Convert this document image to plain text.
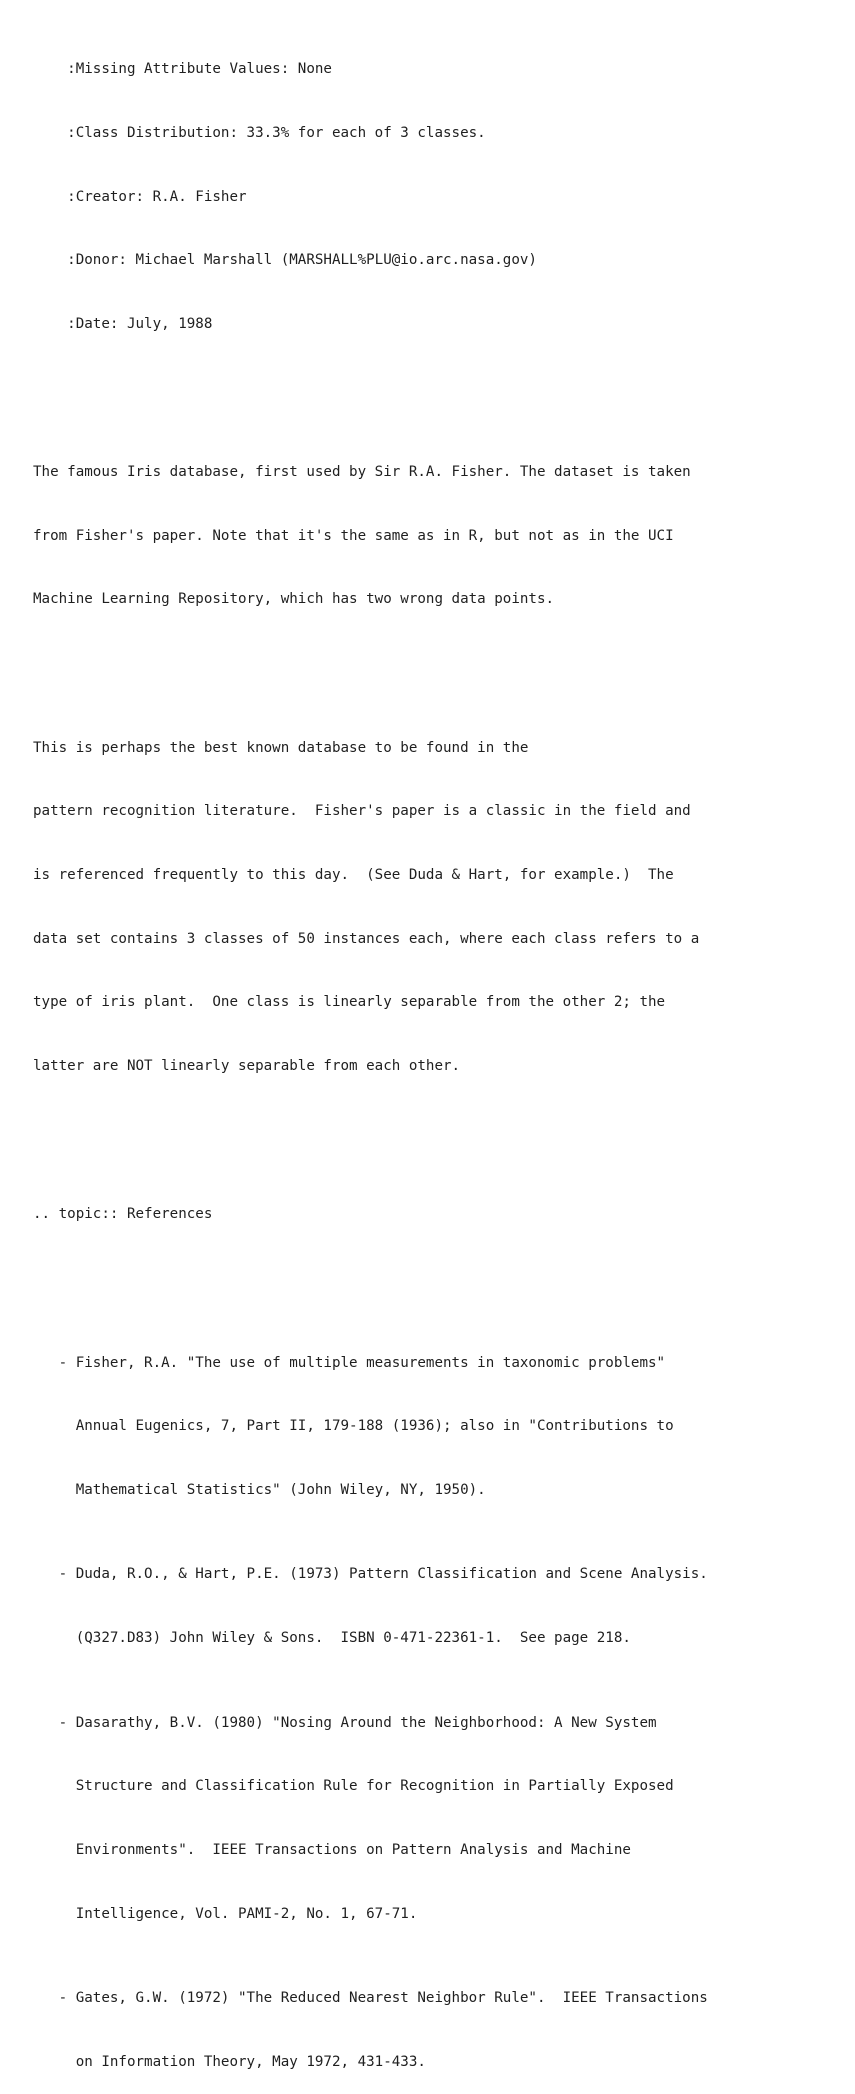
:Missing Attribute Values: None

:Class Distribution: 33.3% for each of 3 classes.

:Creator: R.A. Fisher

:Donor: Michael Marshall (MARSHALL%PLU@io.arc.nasa.gov)

:Date: July, 1988

The famous Iris database, first used by Sir R.A. Fisher. The dataset is taken

from Fisher's paper. Note that it's the same as in R, but not as in the UCI

Machine Learning Repository, which has two wrong data points.

This is perhaps the best known database to be found in the

pattern recognition literature.  Fisher's paper is a classic in the field and

is referenced frequently to this day.  (See Duda & Hart, for example.)  The

data set contains 3 classes of 50 instances each, where each class refers to a

type of iris plant.  One class is linearly separable from the other 2; the

latter are NOT linearly separable from each other.

.. topic:: References

- Fisher, R.A. "The use of multiple measurements in taxonomic problems"

Annual Eugenics, 7, Part II, 179-188 (1936); also in "Contributions to

Mathematical Statistics" (John Wiley, NY, 1950).

- Duda, R.O., & Hart, P.E. (1973) Pattern Classification and Scene Analysis.

(Q327.D83) John Wiley & Sons.  ISBN 0-471-22361-1.  See page 218.

- Dasarathy, B.V. (1980) "Nosing Around the Neighborhood: A New System

Structure and Classification Rule for Recognition in Partially Exposed

Environments".  IEEE Transactions on Pattern Analysis and Machine

Intelligence, Vol. PAMI-2, No. 1, 67-71.

- Gates, G.W. (1972) "The Reduced Nearest Neighbor Rule".  IEEE Transactions

on Information Theory, May 1972, 431-433.
